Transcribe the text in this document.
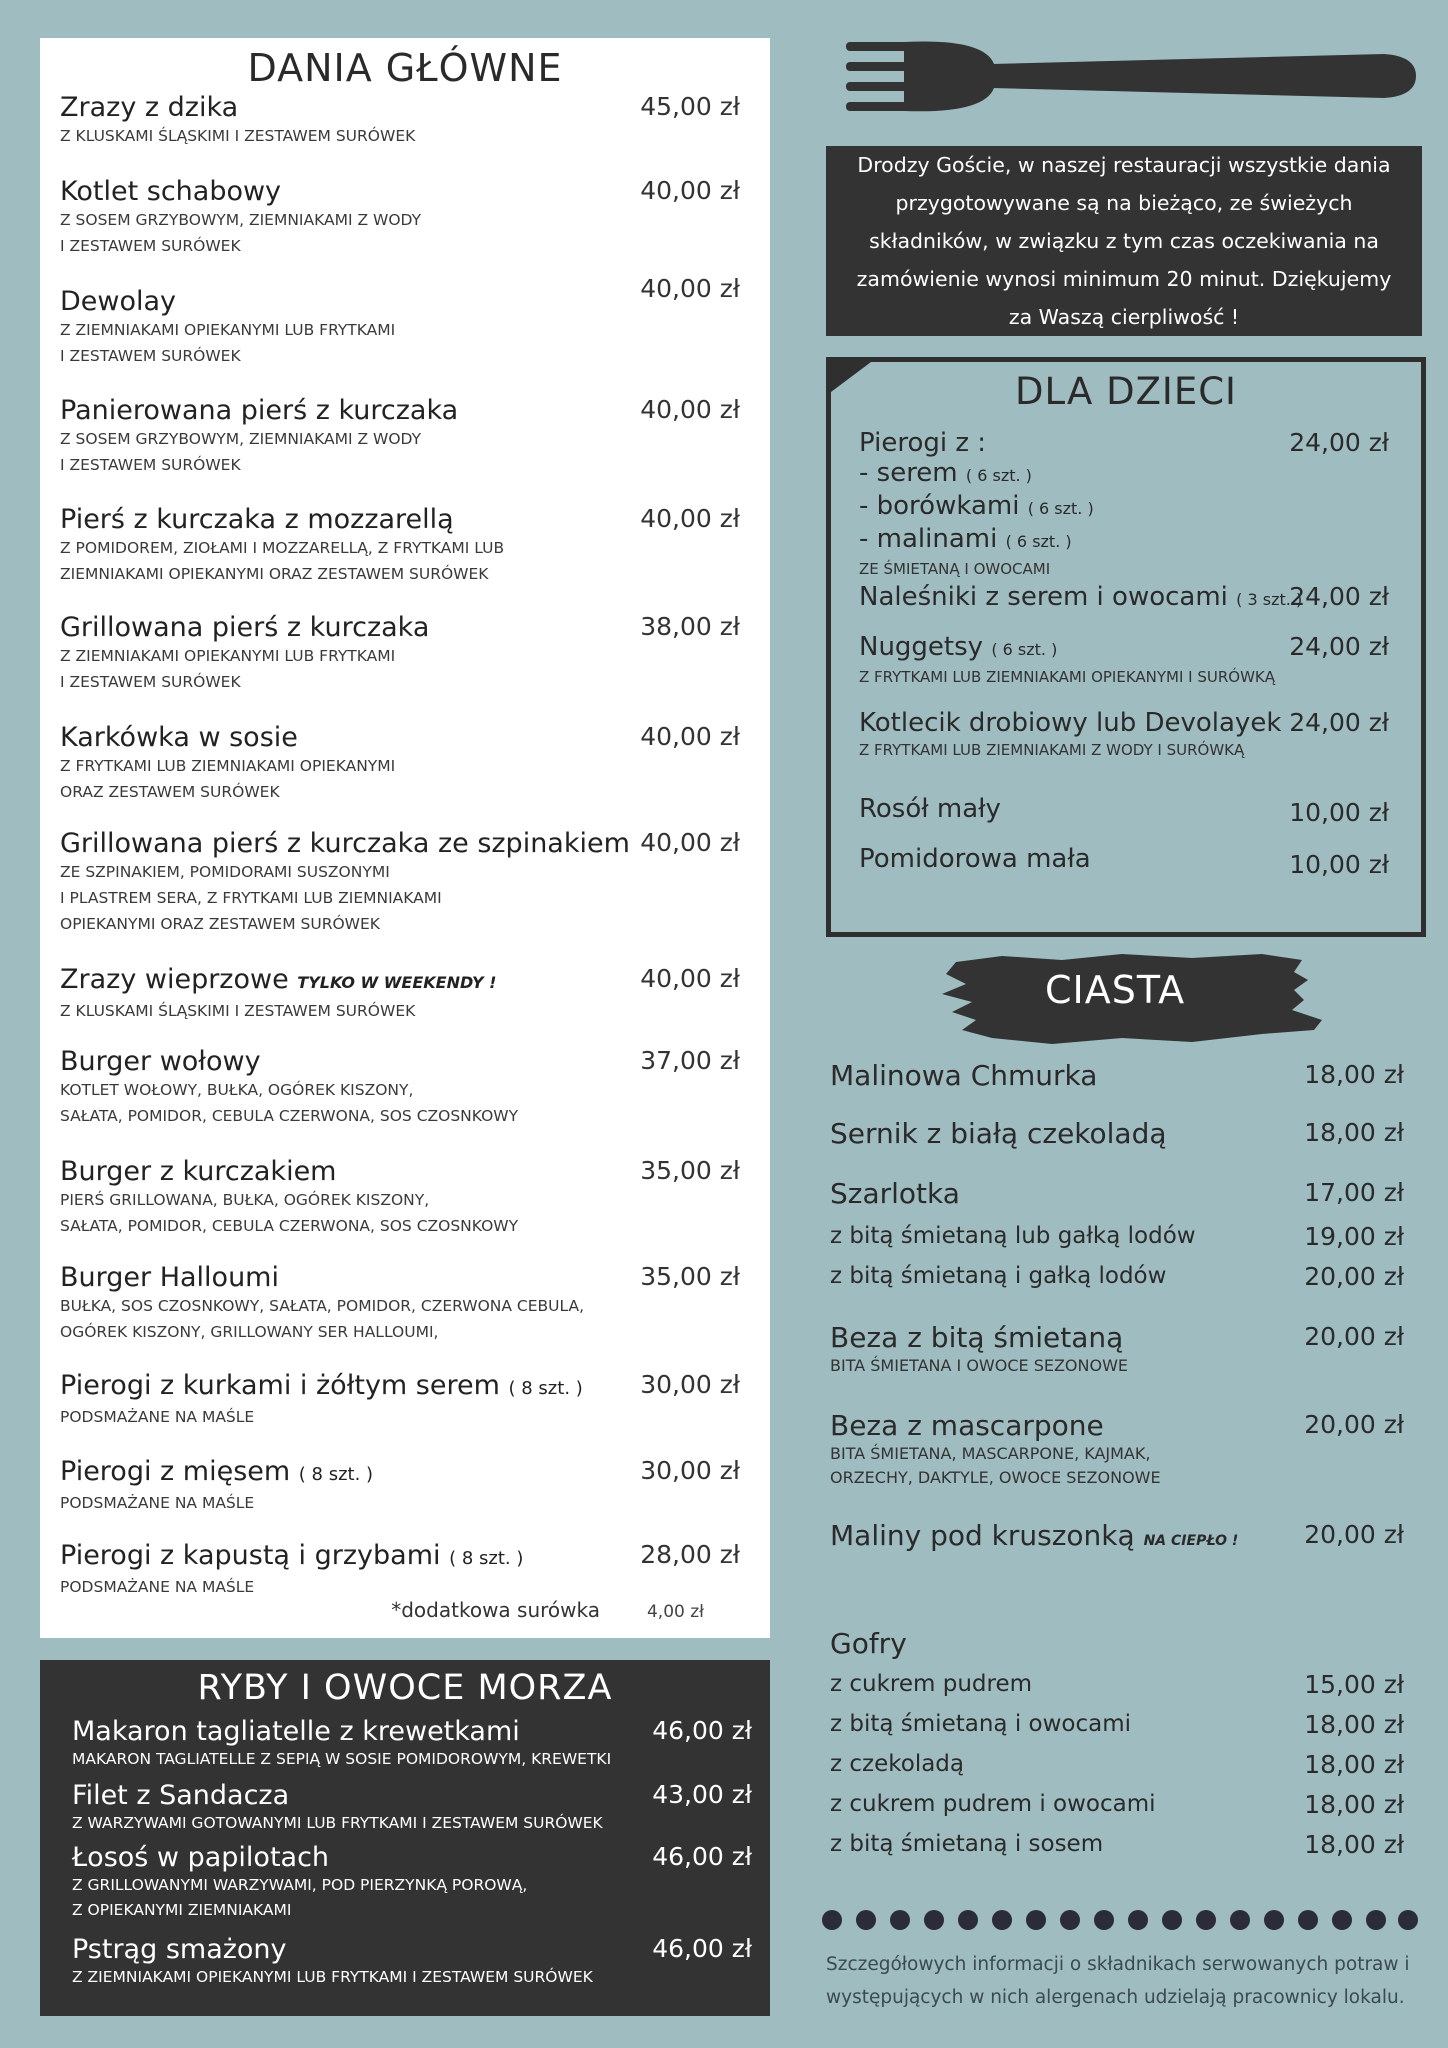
DANIA GŁÓWNE
Zrazy z dzika
Z KLUSKAMI ŚLĄSKIMI I ZESTAWEM SURÓWEK
45,00 zł
Kotlet schabowy
Z SOSEM GRZYBOWYM, ZIEMNIAKAMI Z WODY
I ZESTAWEM SURÓWEK
40,00 zł
Dewolay
Z ZIEMNIAKAMI OPIEKANYMI LUB FRYTKAMI
I ZESTAWEM SURÓWEK
40,00 zł
Panierowana pierś z kurczaka
Z SOSEM GRZYBOWYM, ZIEMNIAKAMI Z WODY
I ZESTAWEM SURÓWEK
40,00 zł
Pierś z kurczaka z mozzarellą
Z POMIDOREM, ZIOŁAMI I MOZZARELLĄ, Z FRYTKAMI LUB
ZIEMNIAKAMI OPIEKANYMI ORAZ ZESTAWEM SURÓWEK
40,00 zł
Grillowana pierś z kurczaka
Z ZIEMNIAKAMI OPIEKANYMI LUB FRYTKAMI
I ZESTAWEM SURÓWEK
38,00 zł
Karkówka w sosie
Z FRYTKAMI LUB ZIEMNIAKAMI OPIEKANYMI
ORAZ ZESTAWEM SURÓWEK
40,00 zł
Grillowana pierś z kurczaka ze szpinakiem
ZE SZPINAKIEM, POMIDORAMI SUSZONYMI
I PLASTREM SERA, Z FRYTKAMI LUB ZIEMNIAKAMI
OPIEKANYMI ORAZ ZESTAWEM SURÓWEK
40,00 zł
Zrazy wieprzowe TYLKO W WEEKENDY !
Z KLUSKAMI ŚLĄSKIMI I ZESTAWEM SURÓWEK
40,00 zł
Burger wołowy
KOTLET WOŁOWY, BUŁKA, OGÓREK KISZONY,
SAŁATA, POMIDOR, CEBULA CZERWONA, SOS CZOSNKOWY
37,00 zł
Burger z kurczakiem
PIERŚ GRILLOWANA, BUŁKA, OGÓREK KISZONY,
SAŁATA, POMIDOR, CEBULA CZERWONA, SOS CZOSNKOWY
35,00 zł
Burger Halloumi
BUŁKA, SOS CZOSNKOWY, SAŁATA, POMIDOR, CZERWONA CEBULA,
OGÓREK KISZONY, GRILLOWANY SER HALLOUMI,
35,00 zł
Pierogi z kurkami i żółtym serem ( 8 szt. )
PODSMAŻANE NA MAŚLE
30,00 zł
Pierogi z mięsem ( 8 szt. )
PODSMAŻANE NA MAŚLE
30,00 zł
Pierogi z kapustą i grzybami ( 8 szt. )
PODSMAŻANE NA MAŚLE
28,00 zł
*dodatkowa surówka	4,00 zł
RYBY I OWOCE MORZA
Makaron tagliatelle z krewetkami
MAKARON TAGLIATELLE Z SEPIĄ W SOSIE POMIDOROWYM, KREWETKI
46,00 zł
Filet z Sandacza
Z WARZYWAMI GOTOWANYMI LUB FRYTKAMI I ZESTAWEM SURÓWEK
43,00 zł
Łosoś w papilotach
Z GRILLOWANYMI WARZYWAMI, POD PIERZYNKĄ POROWĄ,
Z OPIEKANYMI ZIEMNIAKAMI
46,00 zł
Pstrąg smażony
Z ZIEMNIAKAMI OPIEKANYMI LUB FRYTKAMI I ZESTAWEM SURÓWEK
46,00 zł
Drodzy Goście, w naszej restauracji wszystkie dania przygotowywane są na bieżąco, ze świeżych składników, w związku z tym czas oczekiwania na zamówienie wynosi minimum 20 minut. Dziękujemy za Waszą cierpliwość !
DLA DZIECI
Pierogi z :
- serem ( 6 szt. )
- borówkami ( 6 szt. )
- malinami ( 6 szt. )
ZE ŚMIETANĄ I OWOCAMI
24,00 zł
Naleśniki z serem i owocami ( 3 szt. )
24,00 zł
Nuggetsy ( 6 szt. )
Z FRYTKAMI LUB ZIEMNIAKAMI OPIEKANYMI I SURÓWKĄ
24,00 zł
Kotlecik drobiowy lub Devolayek
Z FRYTKAMI LUB ZIEMNIAKAMI Z WODY I SURÓWKĄ
24,00 zł
Rosół mały	10,00 zł
Pomidorowa mała	10,00 zł
CIASTA
Malinowa Chmurka	18,00 zł
Sernik z białą czekoladą	18,00 zł
Szarlotka	17,00 zł
z bitą śmietaną lub gałką lodów	19,00 zł
z bitą śmietaną i gałką lodów	20,00 zł
Beza z bitą śmietaną
BITA ŚMIETANA I OWOCE SEZONOWE
20,00 zł
Beza z mascarpone
BITA ŚMIETANA, MASCARPONE, KAJMAK,
ORZECHY, DAKTYLE, OWOCE SEZONOWE
20,00 zł
Maliny pod kruszonką NA CIEPŁO !	20,00 zł
Gofry
z cukrem pudrem	15,00 zł
z bitą śmietaną i owocami	18,00 zł
z czekoladą	18,00 zł
z cukrem pudrem i owocami	18,00 zł
z bitą śmietaną i sosem	18,00 zł
Szczegółowych informacji o składnikach serwowanych potraw i występujących w nich alergenach udzielają pracownicy lokalu.
